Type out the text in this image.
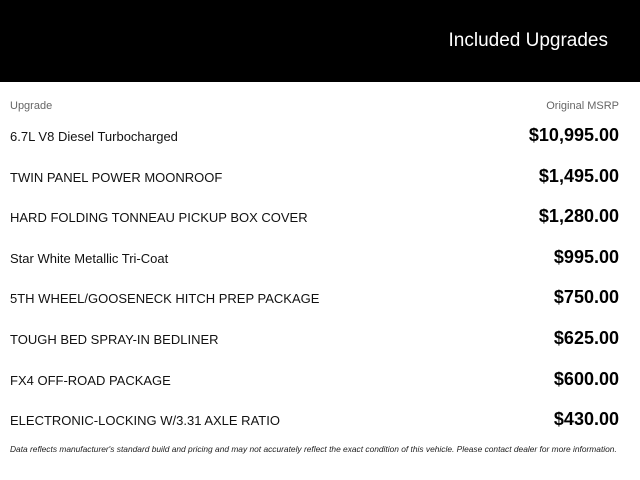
Included Upgrades
Upgrade	Original MSRP
6.7L V8 Diesel Turbocharged	$10,995.00
TWIN PANEL POWER MOONROOF	$1,495.00
HARD FOLDING TONNEAU PICKUP BOX COVER	$1,280.00
Star White Metallic Tri-Coat	$995.00
5TH WHEEL/GOOSENECK HITCH PREP PACKAGE	$750.00
TOUGH BED SPRAY-IN BEDLINER	$625.00
FX4 OFF-ROAD PACKAGE	$600.00
ELECTRONIC-LOCKING W/3.31 AXLE RATIO	$430.00
Data reflects manufacturer's standard build and pricing and may not accurately reflect the exact condition of this vehicle. Please contact dealer for more information.
